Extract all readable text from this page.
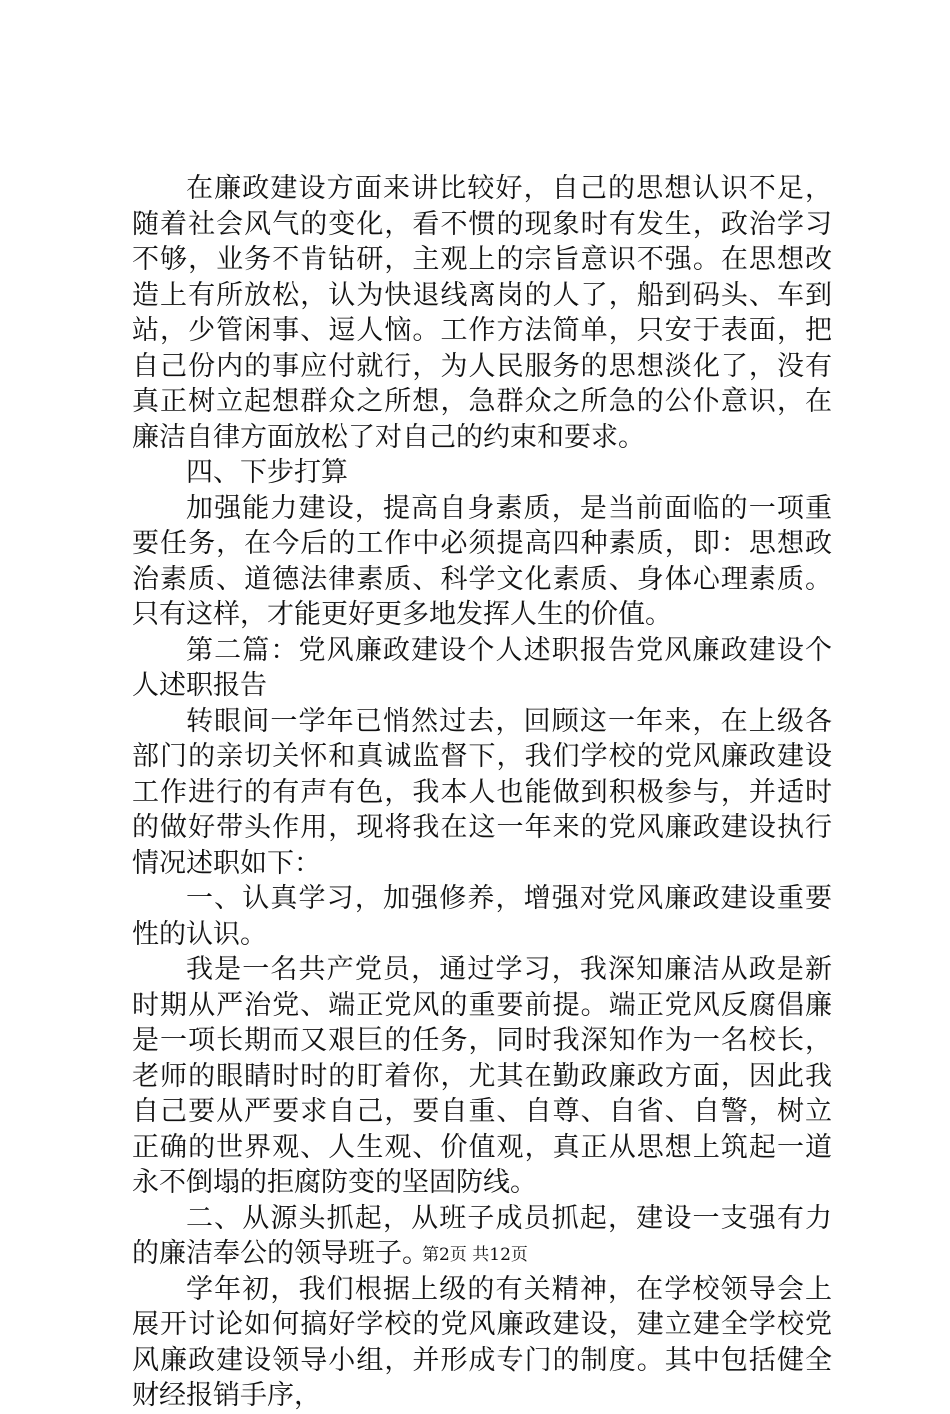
在廉政建设方面来讲比较好，自己的思想认识不足，随着社会风气的变化，看不惯的现象时有发生，政治学习不够，业务不肯钻研，主观上的宗旨意识不强。在思想改造上有所放松，认为快退线离岗的人了，船到码头、车到站，少管闲事、逗人恼。工作方法简单，只安于表面，把自己份内的事应付就行，为人民服务的思想淡化了，没有真正树立起想群众之所想，急群众之所急的公仆意识，在廉洁自律方面放松了对自己的约束和要求。

四、下步打算

加强能力建设，提高自身素质，是当前面临的一项重要任务，在今后的工作中必须提高四种素质，即：思想政治素质、道德法律素质、科学文化素质、身体心理素质。只有这样，才能更好更多地发挥人生的价值。

第二篇：党风廉政建设个人述职报告党风廉政建设个人述职报告

转眼间一学年已悄然过去，回顾这一年来，在上级各部门的亲切关怀和真诚监督下，我们学校的党风廉政建设工作进行的有声有色，我本人也能做到积极参与，并适时的做好带头作用，现将我在这一年来的党风廉政建设执行情况述职如下：

一、认真学习，加强修养，增强对党风廉政建设重要性的认识。

我是一名共产党员，通过学习，我深知廉洁从政是新时期从严治党、端正党风的重要前提。端正党风反腐倡廉是一项长期而又艰巨的任务，同时我深知作为一名校长，老师的眼睛时时的盯着你，尤其在勤政廉政方面，因此我自己要从严要求自己，要自重、自尊、自省、自警，树立正确的世界观、人生观、价值观，真正从思想上筑起一道永不倒塌的拒腐防变的坚固防线。

二、从源头抓起，从班子成员抓起，建设一支强有力的廉洁奉公的领导班子。

学年初，我们根据上级的有关精神，在学校领导会上展开讨论如何搞好学校的党风廉政建设，建立建全学校党风廉政建设领导小组，并形成专门的制度。其中包括健全财经报销手序，

第2页 共12页
